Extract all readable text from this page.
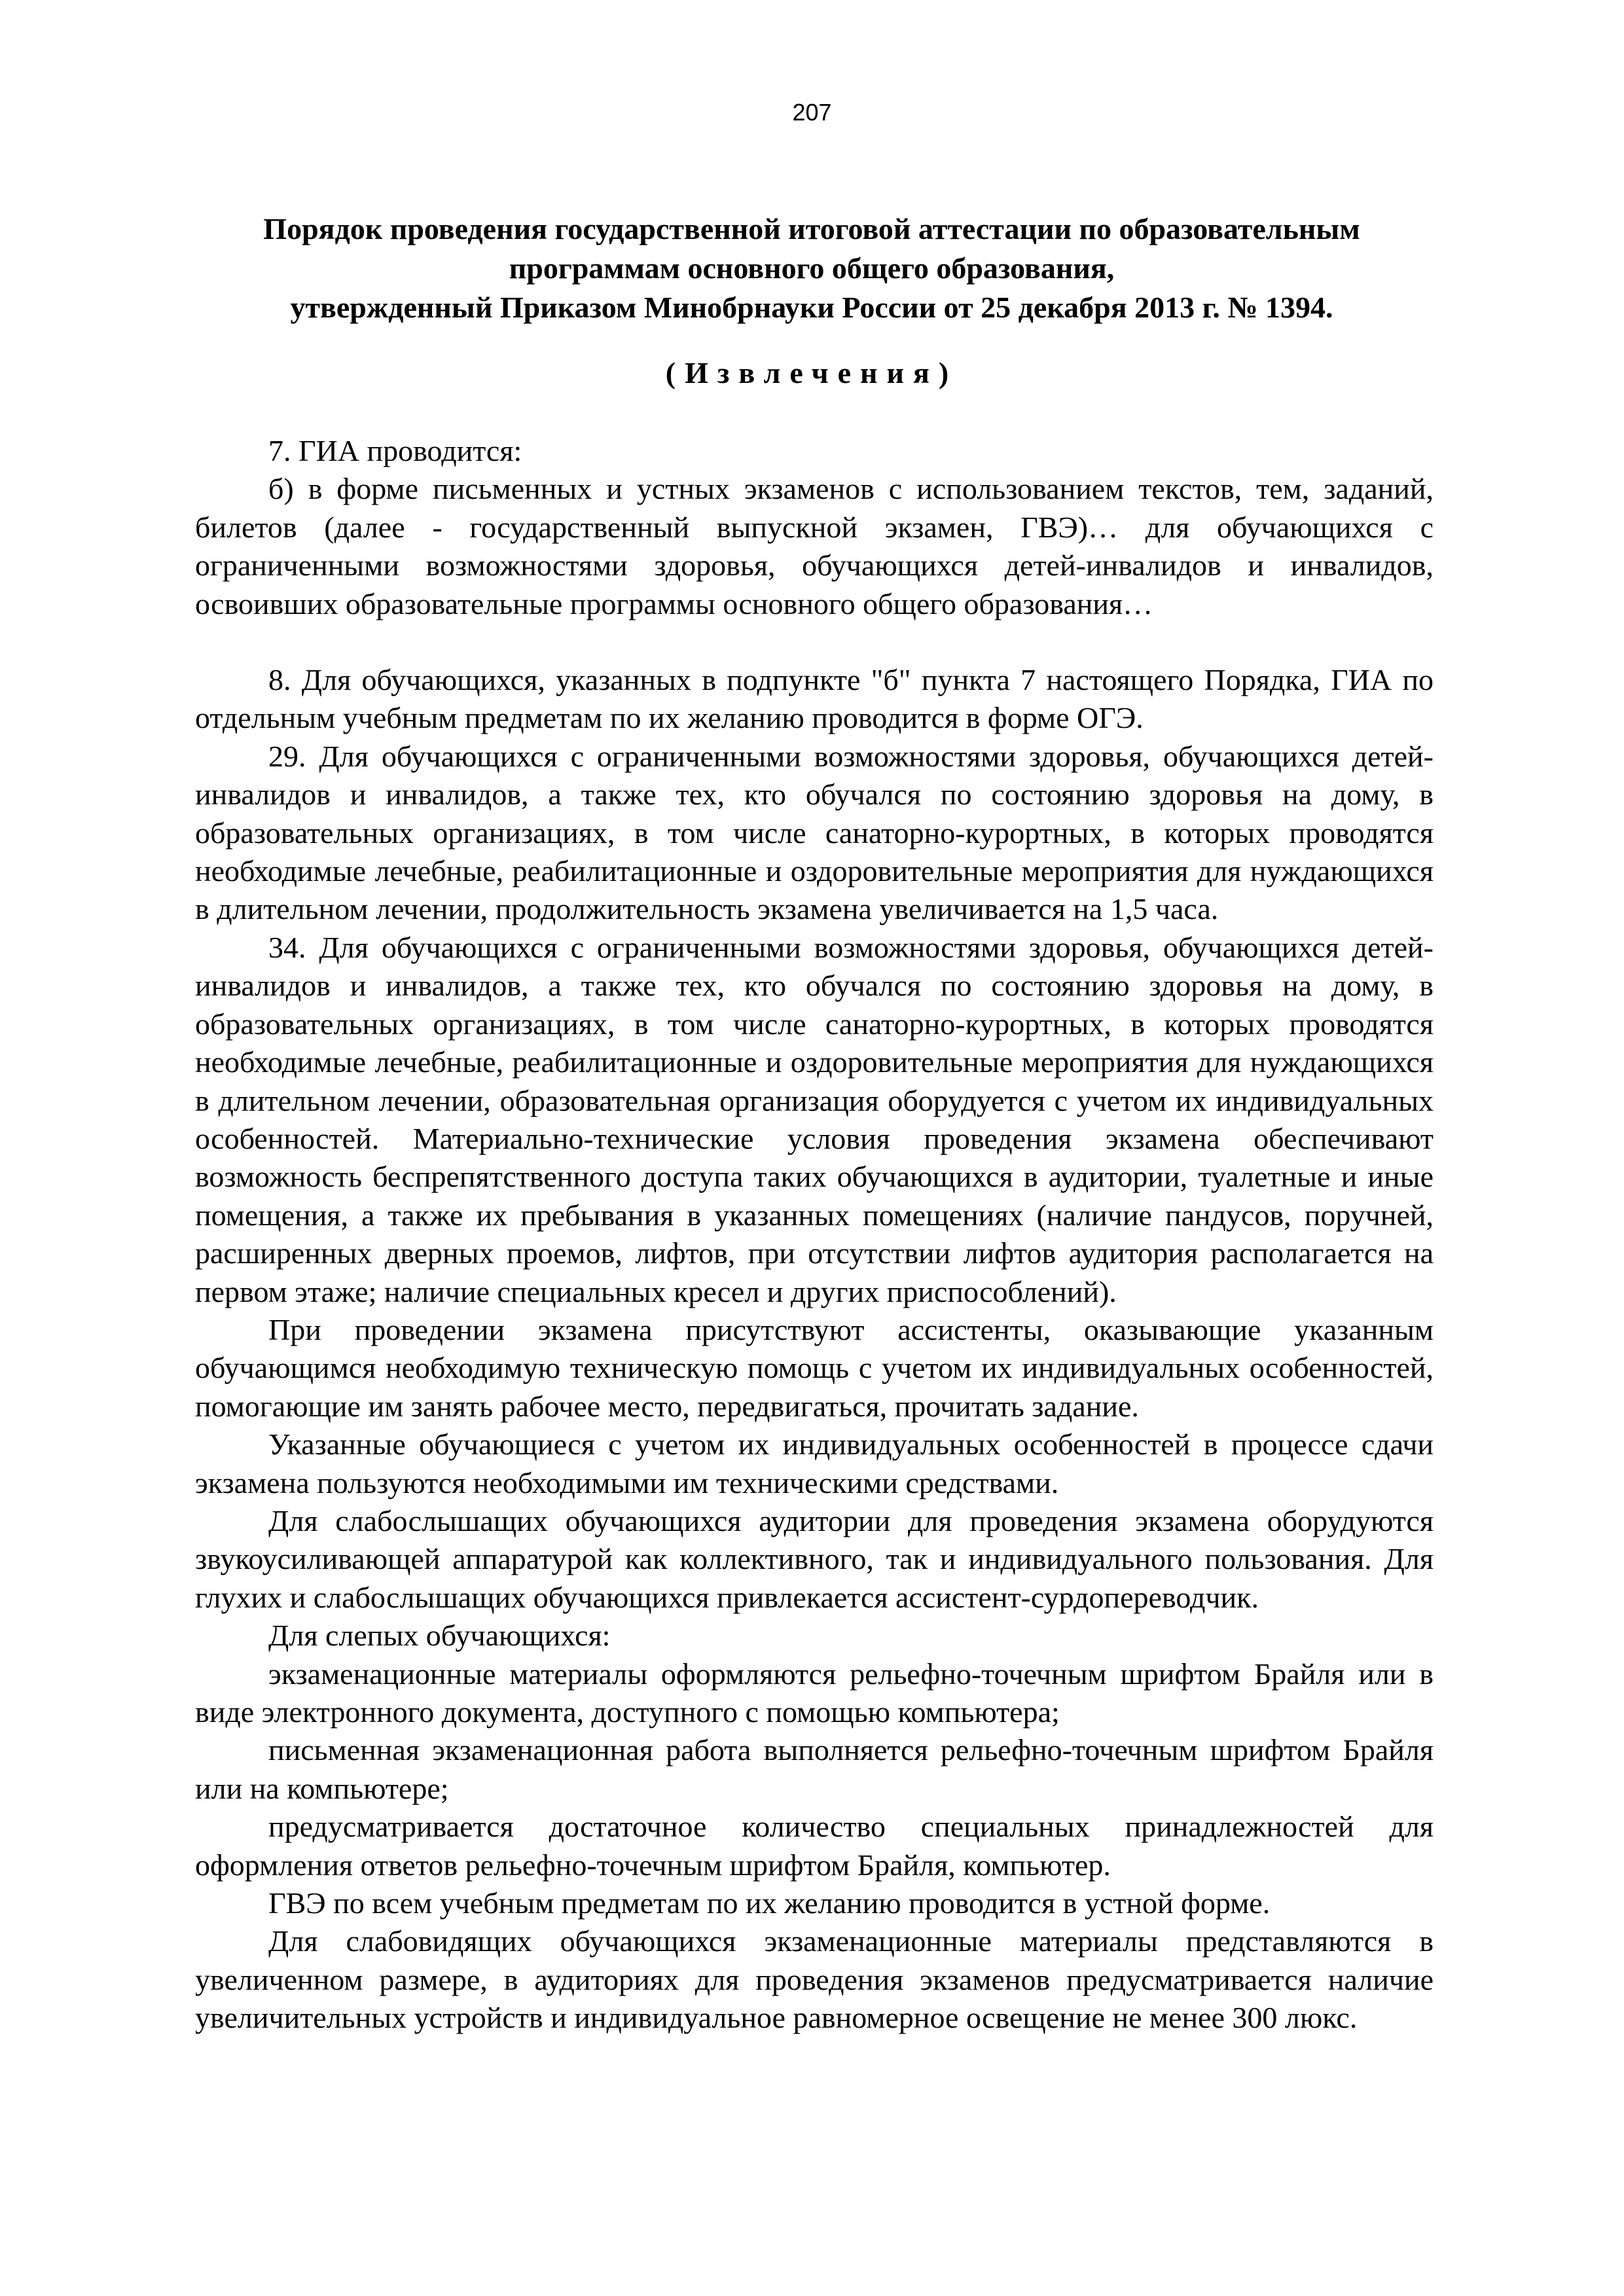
207
Порядок проведения государственной итоговой аттестации по образовательным
программам основного общего образования,
утвержденный Приказом Минобрнауки России от 25 декабря 2013 г. № 1394.
(Извлечения)

7. ГИА проводится:

б) в форме письменных и устных экзаменов с использованием текстов, тем, заданий, билетов (далее - государственный выпускной экзамен, ГВЭ)… для обучающихся с ограниченными возможностями здоровья, обучающихся детей-инвалидов и инвалидов, освоивших образовательные программы основного общего образования…

8. Для обучающихся, указанных в подпункте "б" пункта 7 настоящего Порядка, ГИА по отдельным учебным предметам по их желанию проводится в форме ОГЭ.

29. Для обучающихся с ограниченными возможностями здоровья, обучающихся детей-инвалидов и инвалидов, а также тех, кто обучался по состоянию здоровья на дому, в образовательных организациях, в том числе санаторно-курортных, в которых проводятся необходимые лечебные, реабилитационные и оздоровительные мероприятия для нуждающихся в длительном лечении, продолжительность экзамена увеличивается на 1,5 часа.

34. Для обучающихся с ограниченными возможностями здоровья, обучающихся детей-инвалидов и инвалидов, а также тех, кто обучался по состоянию здоровья на дому, в образовательных организациях, в том числе санаторно-курортных, в которых проводятся необходимые лечебные, реабилитационные и оздоровительные мероприятия для нуждающихся в длительном лечении, образовательная организация оборудуется с учетом их индивидуальных особенностей. Материально-технические условия проведения экзамена обеспечивают возможность беспрепятственного доступа таких обучающихся в аудитории, туалетные и иные помещения, а также их пребывания в указанных помещениях (наличие пандусов, поручней, расширенных дверных проемов, лифтов, при отсутствии лифтов аудитория располагается на первом этаже; наличие специальных кресел и других приспособлений).

При проведении экзамена присутствуют ассистенты, оказывающие указанным обучающимся необходимую техническую помощь с учетом их индивидуальных особенностей, помогающие им занять рабочее место, передвигаться, прочитать задание.

Указанные обучающиеся с учетом их индивидуальных особенностей в процессе сдачи экзамена пользуются необходимыми им техническими средствами.

Для слабослышащих обучающихся аудитории для проведения экзамена оборудуются звукоусиливающей аппаратурой как коллективного, так и индивидуального пользования. Для глухих и слабослышащих обучающихся привлекается ассистент-сурдопереводчик.

Для слепых обучающихся:

экзаменационные материалы оформляются рельефно-точечным шрифтом Брайля или в виде электронного документа, доступного с помощью компьютера;

письменная экзаменационная работа выполняется рельефно-точечным шрифтом Брайля или на компьютере;

предусматривается достаточное количество специальных принадлежностей для оформления ответов рельефно-точечным шрифтом Брайля, компьютер.

ГВЭ по всем учебным предметам по их желанию проводится в устной форме.

Для слабовидящих обучающихся экзаменационные материалы представляются в увеличенном размере, в аудиториях для проведения экзаменов предусматривается наличие увеличительных устройств и индивидуальное равномерное освещение не менее 300 люкс.
